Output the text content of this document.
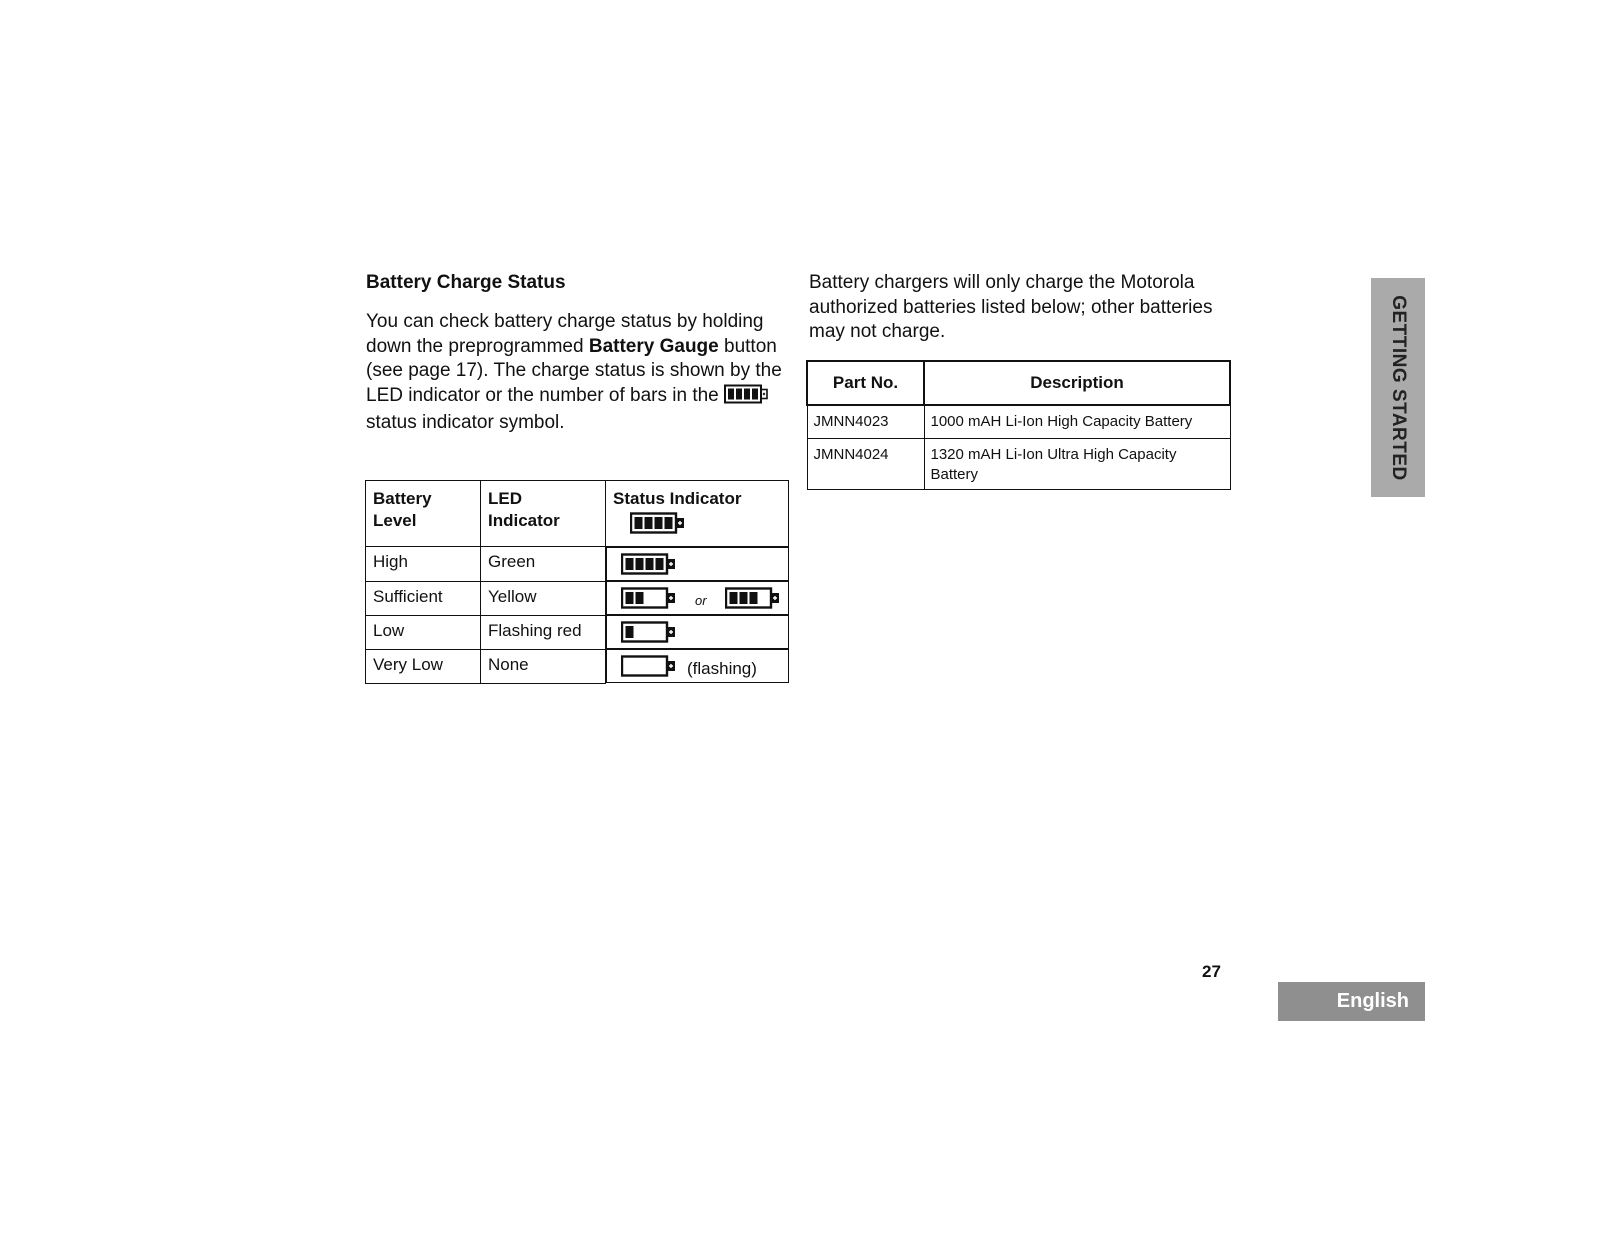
Battery Charge Status

You can check battery charge status by holding down the preprogrammed Battery Gauge button (see page 17). The charge status is shown by the LED indicator or the number of bars in the  status indicator symbol.

Battery Level	LED Indicator	Status Indicator

High	Green	

Sufficient	Yellow		or

Low	Flashing red	

Very Low	None		(flashing)

Battery chargers will only charge the Motorola authorized batteries listed below; other batteries may not charge.

Part No.	Description
JMNN4023	1000 mAH Li-Ion High Capacity Battery
JMNN4024	1320 mAH Li-Ion Ultra High Capacity Battery	GETTING STARTED
27
English
